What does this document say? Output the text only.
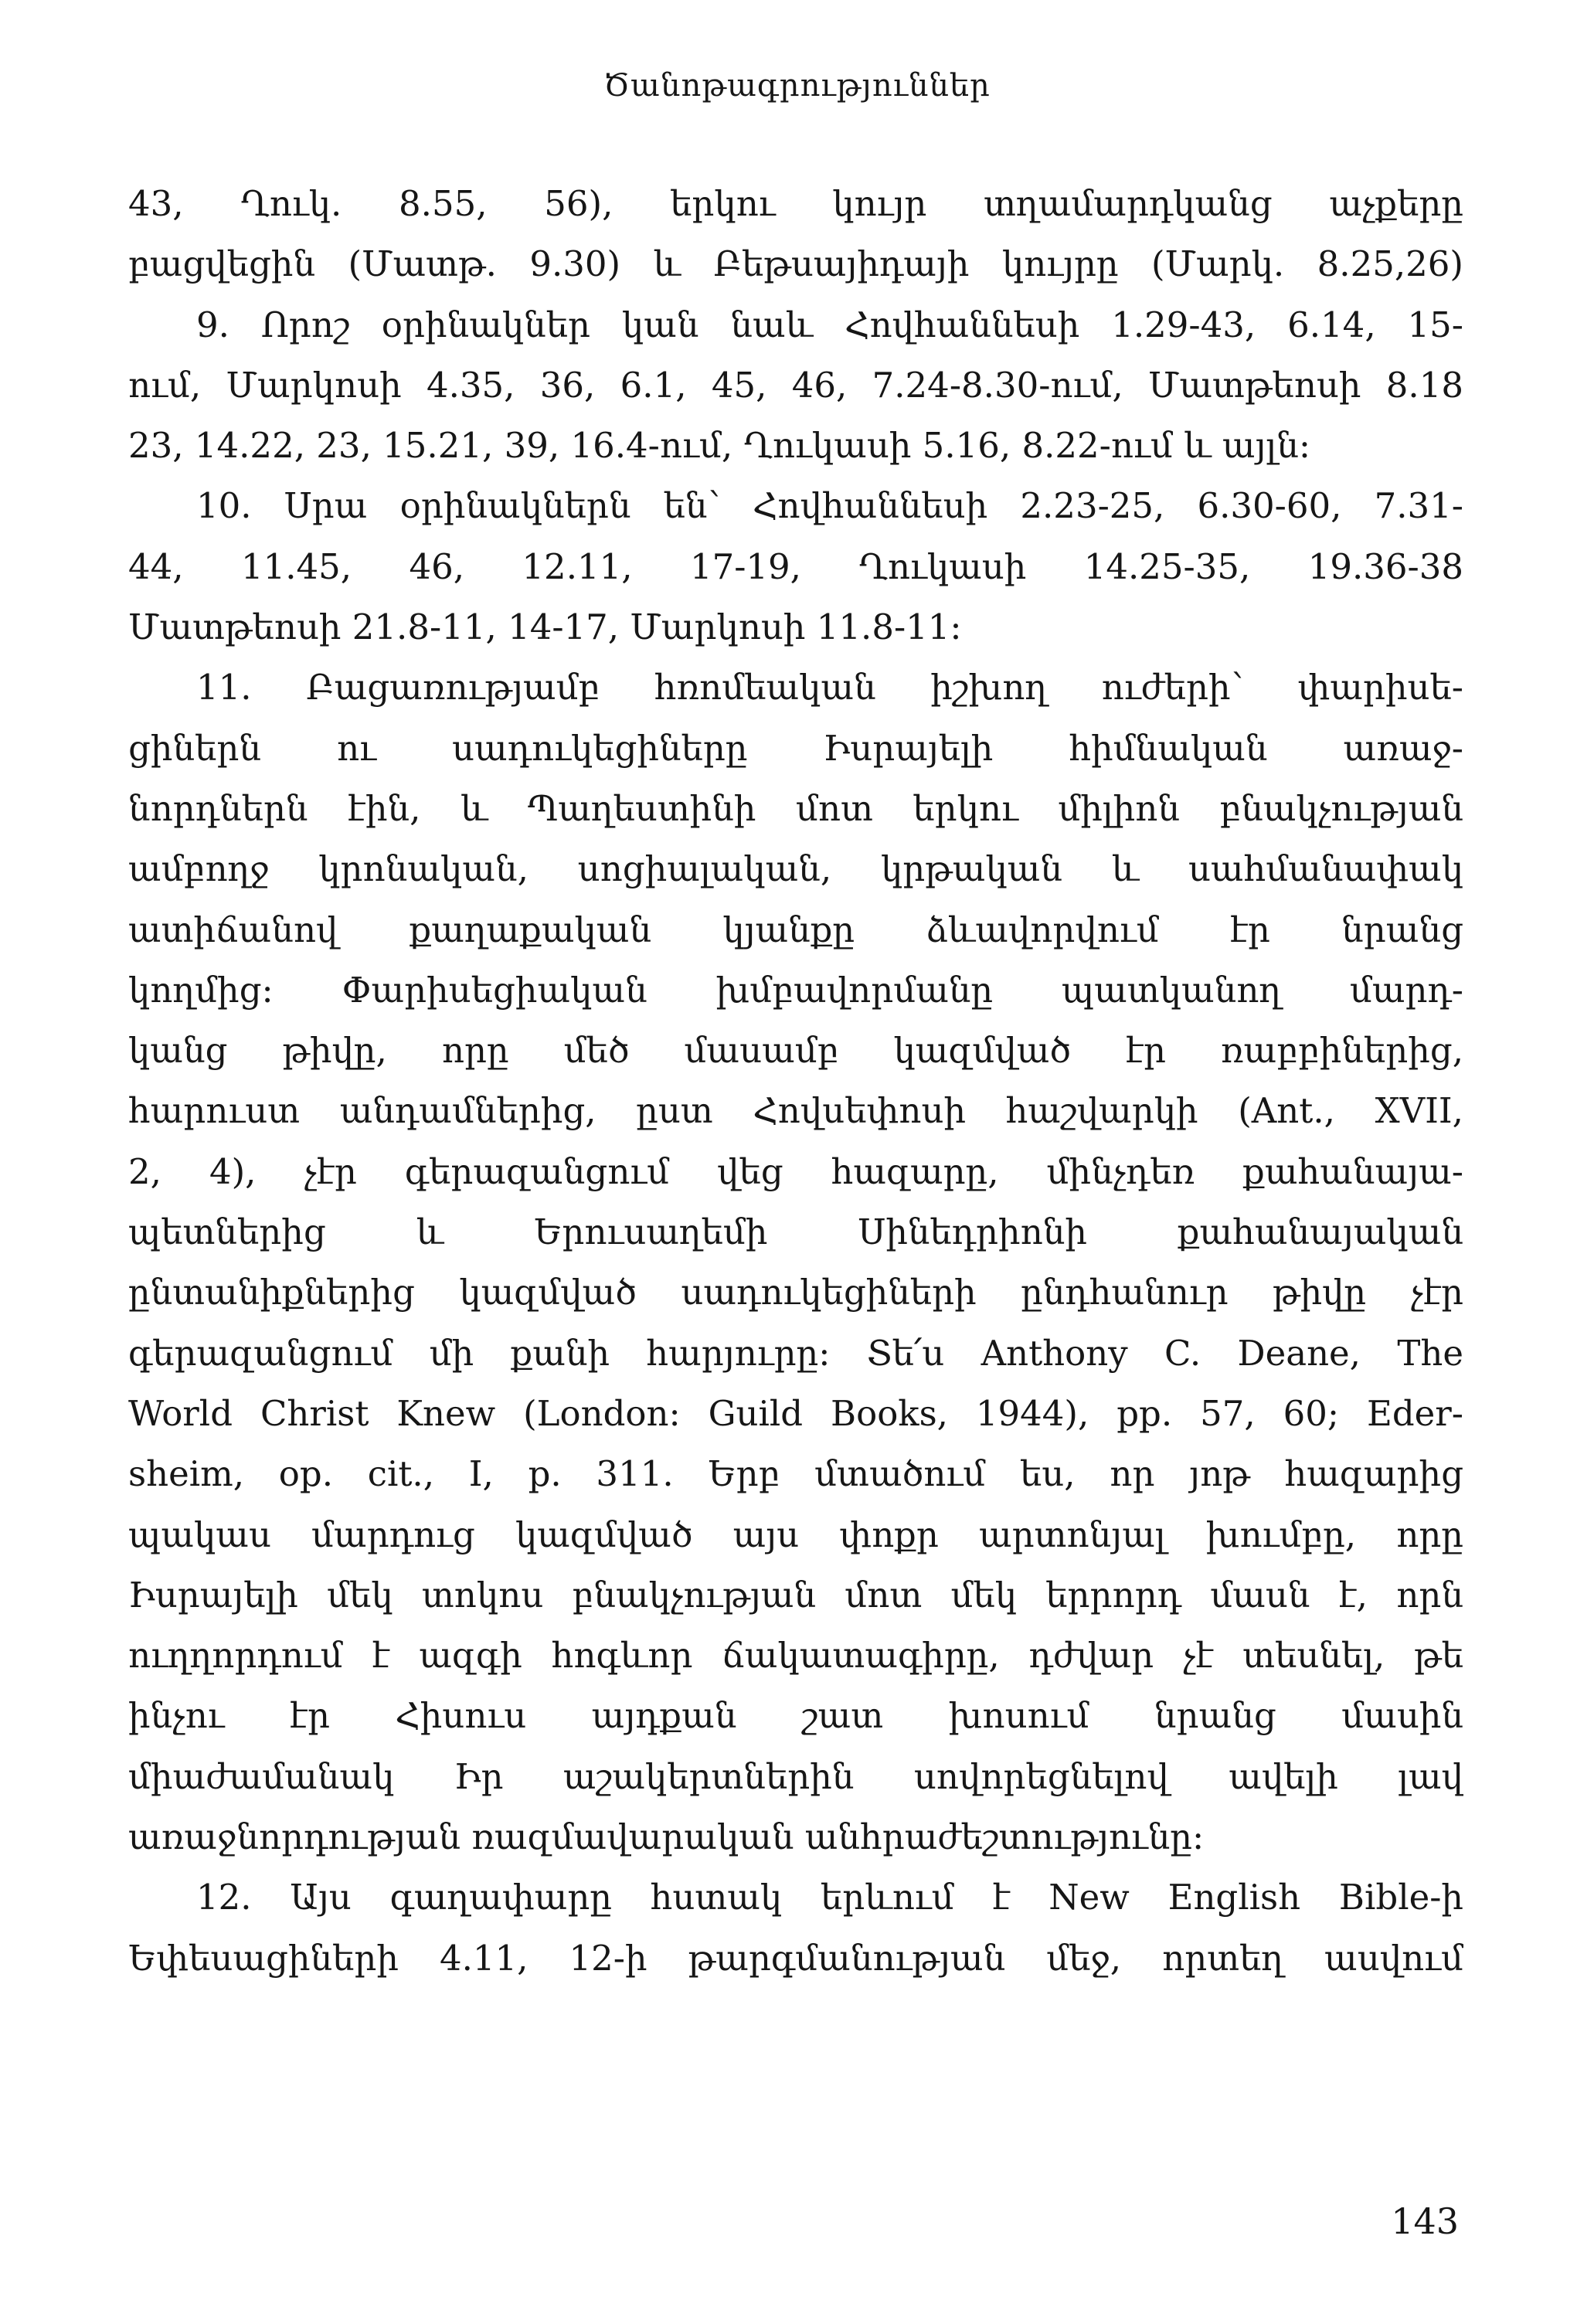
Ծանոթագրություններ
43, Ղուկ. 8.55, 56), երկու կույր տղամարդկանց աչքերը
բացվեցին (Մատթ. 9.30) և Բեթսայիդայի կույրը (Մարկ. 8.25,26)
9. Որոշ օրինակներ կան նաև Հովհաննեսի 1.29-43, 6.14, 15-
ում, Մարկոսի 4.35, 36, 6.1, 45, 46, 7.24-8.30-ում, Մատթեոսի 8.18
23, 14.22, 23, 15.21, 39, 16.4-ում, Ղուկասի 5.16, 8.22-ում և այլն:
10. Սրա օրինակներն են՝ Հովհաննեսի 2.23-25, 6.30-60, 7.31-
44, 11.45, 46, 12.11, 17-19, Ղուկասի 14.25-35, 19.36-38
Մատթեոսի 21.8-11, 14-17, Մարկոսի 11.8-11:
11. Բացառությամբ հռոմեական իշխող ուժերի՝ փարիսե-
ցիներն ու սադուկեցիները Իսրայելի հիմնական առաջ-
նորդներն էին, և Պաղեստինի մոտ երկու միլիոն բնակչության
ամբողջ կրոնական, սոցիալական, կրթական և սահմանափակ
ատիճանով քաղաքական կյանքը ձևավորվում էր նրանց
կողմից: Փարիսեցիական խմբավորմանը պատկանող մարդ-
կանց թիվը, որը մեծ մասամբ կազմված էր ռաբբիներից,
հարուստ անդամներից, ըստ Հովսեփոսի հաշվարկի (Ant., XVII,
2, 4), չէր գերազանցում վեց հազարը, մինչդեռ քահանայա-
պետներից և Երուսաղեմի Սինեդրիոնի քահանայական
ընտանիքներից կազմված սադուկեցիների ընդհանուր թիվը չէր
գերազանցում մի քանի հարյուրը: Տե՛ս Anthony C. Deane, The
World Christ Knew (London: Guild Books, 1944), pp. 57, 60; Eder-
sheim, op. cit., I, p. 311. Երբ մտածում ես, որ յոթ հազարից
պակաս մարդուց կազմված այս փոքր արտոնյալ խումբը, որը
Իսրայելի մեկ տոկոս բնակչության մոտ մեկ երրորդ մասն է, որն
ուղղորդում է ազգի հոգևոր ճակատագիրը, դժվար չէ տեսնել, թե
ինչու էր Հիսուս այդքան շատ խոսում նրանց մասին
միաժամանակ Իր աշակերտներին սովորեցնելով ավելի լավ
առաջնորդության ռազմավարական անհրաժեշտությունը:
12. Այս գաղափարը հստակ երևում է New English Bible-ի
Եփեսացիների 4.11, 12-ի թարգմանության մեջ, որտեղ ասվում
143
